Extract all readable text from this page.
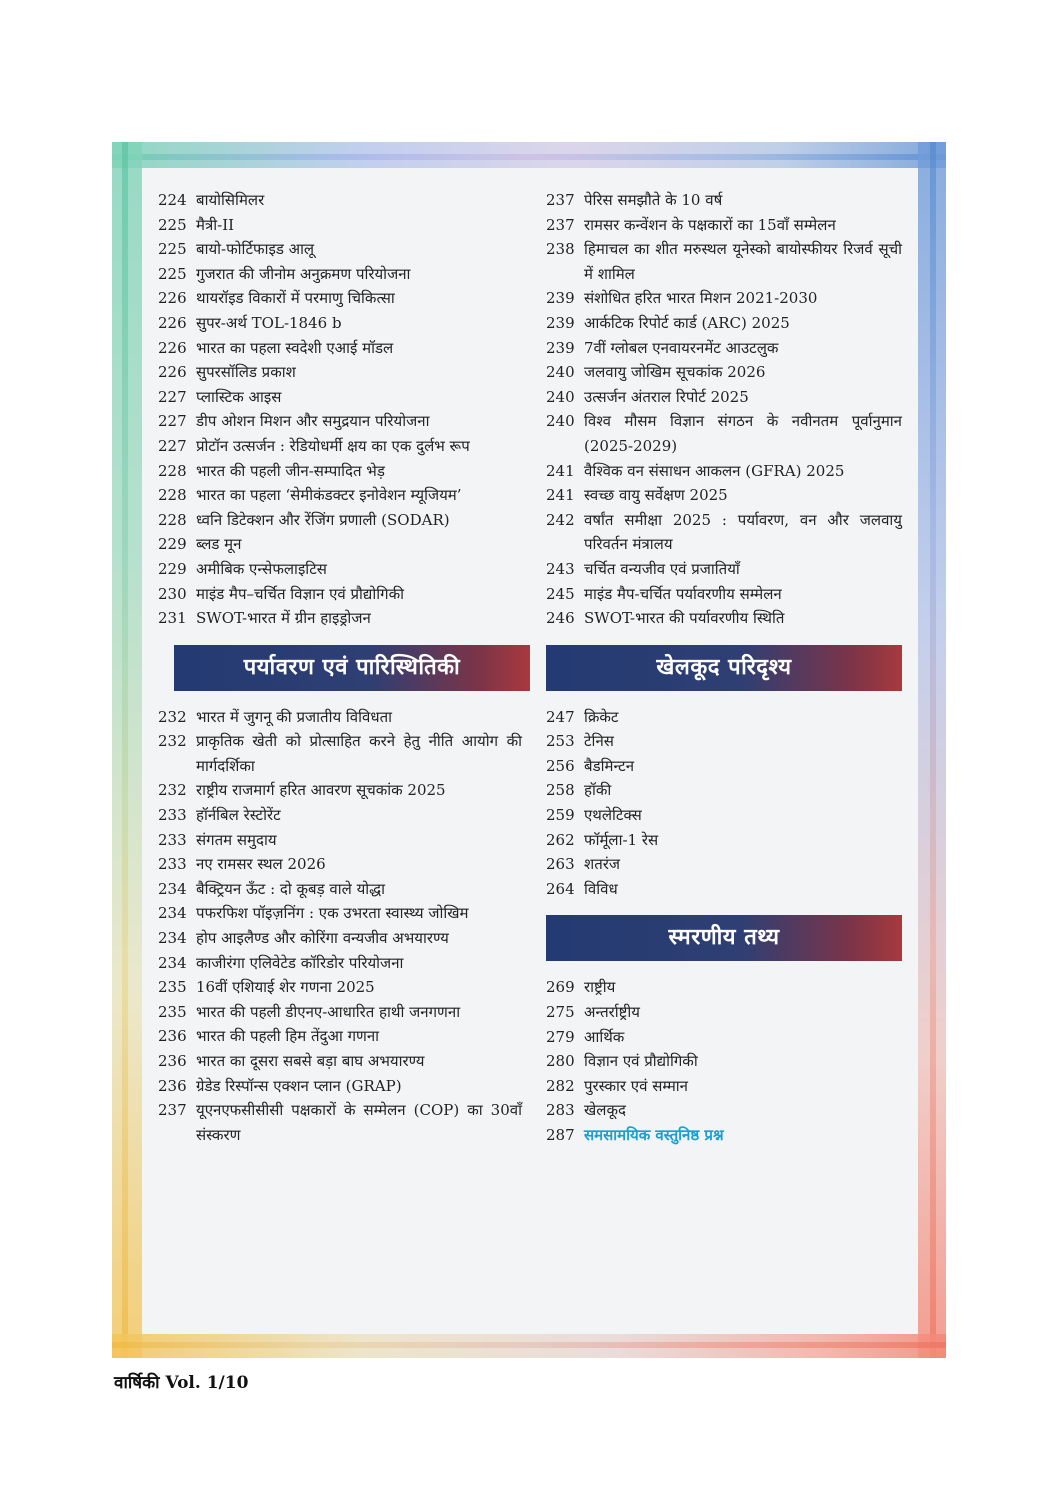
224 बायोसिमिलर
225 मैत्री-II
225 बायो-फोर्टिफाइड आलू
225 गुजरात की जीनोम अनुक्रमण परियोजना
226 थायरॉइड विकारों में परमाणु चिकित्सा
226 सुपर-अर्थ TOL-1846 b
226 भारत का पहला स्वदेशी एआई मॉडल
226 सुपरसॉलिड प्रकाश
227 प्लास्टिक आइस
227 डीप ओशन मिशन और समुद्रयान परियोजना
227 प्रोटॉन उत्सर्जन : रेडियोधर्मी क्षय का एक दुर्लभ रूप
228 भारत की पहली जीन-सम्पादित भेड़
228 भारत का पहला ‘सेमीकंडक्टर इनोवेशन म्यूजियम’
228 ध्वनि डिटेक्शन और रेंजिंग प्रणाली (SODAR)
229 ब्लड मून
229 अमीबिक एन्सेफलाइटिस
230 माइंड मैप–चर्चित विज्ञान एवं प्रौद्योगिकी
231 SWOT-भारत में ग्रीन हाइड्रोजन
पर्यावरण एवं पारिस्थितिकी
232 भारत में जुगनू की प्रजातीय विविधता
232 प्राकृतिक खेती को प्रोत्साहित करने हेतु नीति आयोग की मार्गदर्शिका
232 राष्ट्रीय राजमार्ग हरित आवरण सूचकांक 2025
233 हॉर्नबिल रेस्टोरेंट
233 संगतम समुदाय
233 नए रामसर स्थल 2026
234 बैक्ट्रियन ऊँट : दो कूबड़ वाले योद्धा
234 पफरफिश पॉइज़निंग : एक उभरता स्वास्थ्य जोखिम
234 होप आइलैण्ड और कोरिंगा वन्यजीव अभयारण्य
234 काजीरंगा एलिवेटेड कॉरिडोर परियोजना
235 16वीं एशियाई शेर गणना 2025
235 भारत की पहली डीएनए-आधारित हाथी जनगणना
236 भारत की पहली हिम तेंदुआ गणना
236 भारत का दूसरा सबसे बड़ा बाघ अभयारण्य
236 ग्रेडेड रिस्पॉन्स एक्शन प्लान (GRAP)
237 यूएनएफसीसीसी पक्षकारों के सम्मेलन (COP) का 30वाँ संस्करण
237 पेरिस समझौते के 10 वर्ष
237 रामसर कन्वेंशन के पक्षकारों का 15वाँ सम्मेलन
238 हिमाचल का शीत मरुस्थल यूनेस्को बायोस्फीयर रिजर्व सूची में शामिल
239 संशोधित हरित भारत मिशन 2021-2030
239 आर्कटिक रिपोर्ट कार्ड (ARC) 2025
239 7वीं ग्लोबल एनवायरनमेंट आउटलुक
240 जलवायु जोखिम सूचकांक 2026
240 उत्सर्जन अंतराल रिपोर्ट 2025
240 विश्व मौसम विज्ञान संगठन के नवीनतम पूर्वानुमान (2025-2029)
241 वैश्विक वन संसाधन आकलन (GFRA) 2025
241 स्वच्छ वायु सर्वेक्षण 2025
242 वर्षांत समीक्षा 2025 : पर्यावरण, वन और जलवायु परिवर्तन मंत्रालय
243 चर्चित वन्यजीव एवं प्रजातियाँ
245 माइंड मैप-चर्चित पर्यावरणीय सम्मेलन
246 SWOT-भारत की पर्यावरणीय स्थिति
खेलकूद परिदृश्य
247 क्रिकेट
253 टेनिस
256 बैडमिन्टन
258 हॉकी
259 एथलेटिक्स
262 फॉर्मूला-1 रेस
263 शतरंज
264 विविध
स्मरणीय तथ्य
269 राष्ट्रीय
275 अन्तर्राष्ट्रीय
279 आर्थिक
280 विज्ञान एवं प्रौद्योगिकी
282 पुरस्कार एवं सम्मान
283 खेलकूद
287 समसामयिक वस्तुनिष्ठ प्रश्न
वार्षिकी Vol. 1/10
